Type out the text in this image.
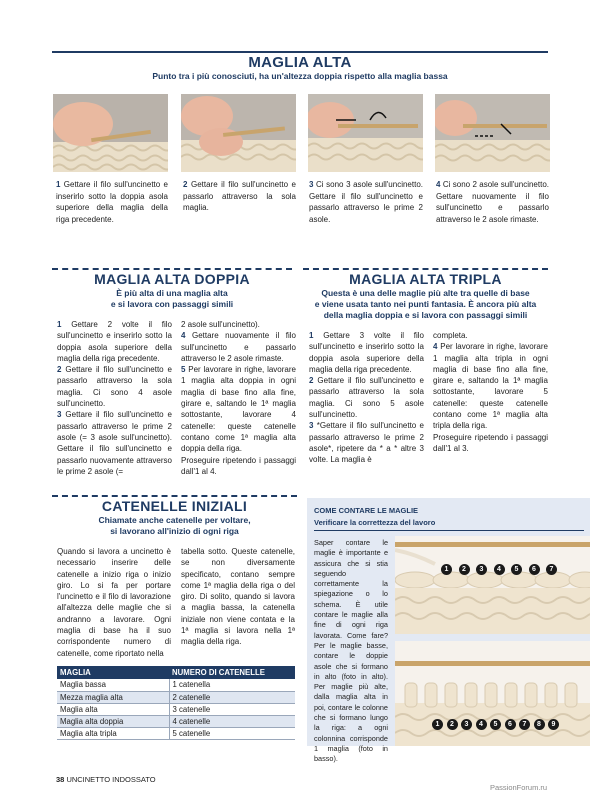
MAGLIA ALTA
Punto tra i più conosciuti, ha un'altezza doppia rispetto alla maglia bassa
1 Gettare il filo sull'uncinetto e inserirlo sotto la doppia asola superiore della maglia della riga precedente.
2 Gettare il filo sull'uncinetto e passarlo attraverso la sola maglia.
3 Ci sono 3 asole sull'uncinetto. Gettare il filo sull'uncinetto e passarlo attraverso le prime 2 asole.
4 Ci sono 2 asole sull'uncinetto. Gettare nuovamente il filo sull'uncinetto e passarlo attraverso le 2 asole rimaste.
MAGLIA ALTA DOPPIA
È più alta di una maglia alta
e si lavora con passaggi simili

1 Gettare 2 volte il filo sull'uncinetto e inserirlo sotto la doppia asola superiore della maglia della riga precedente.

2 Gettare il filo sull'uncinetto e passarlo attraverso la sola maglia. Ci sono 4 asole sull'uncinetto.

3 Gettare il filo sull'uncinetto e passarlo attraverso le prime 2 asole (= 3 asole sull'uncinetto). Gettare il filo sull'uncinetto e passarlo nuovamente attraverso le prime 2 asole (=

2 asole sull'uncinetto).

4 Gettare nuovamente il filo sull'uncinetto e passarlo attraverso le 2 asole rimaste.

5 Per lavorare in righe, lavorare 1 maglia alta doppia in ogni maglia di base fino alla fine, girare e, saltando le 1ª maglia sottostante, lavorare 4 catenelle: queste catenelle contano come 1ª maglia alta doppia della riga.

Proseguire ripetendo i passaggi dall'1 al 4.

MAGLIA ALTA TRIPLA
Questa è una delle maglie più alte tra quelle di base
e viene usata tanto nei punti fantasia. È ancora più alta
della maglia doppia e si lavora con passaggi simili

1 Gettare 3 volte il filo sull'uncinetto e inserirlo sotto la doppia asola superiore della maglia della riga precedente.

2 Gettare il filo sull'uncinetto e passarlo attraverso la sola maglia. Ci sono 5 asole sull'uncinetto.

3 *Gettare il filo sull'uncinetto e passarlo attraverso le prime 2 asole*, ripetere da * a * altre 3 volte. La maglia è

completa.

4 Per lavorare in righe, lavorare 1 maglia alta tripla in ogni maglia di base fino alla fine, girare e, saltando la 1ª maglia sottostante, lavorare 5 catenelle: queste catenelle contano come 1ª maglia alta tripla della riga.

Proseguire ripetendo i passaggi dall'1 al 3.

CATENELLE INIZIALI
Chiamate anche catenelle per voltare,
si lavorano all'inizio di ogni riga

Quando si lavora a uncinetto è necessario inserire delle catenelle a inizio riga o inizio giro. Lo si fa per portare l'uncinetto e il filo di lavorazione all'altezza delle maglie che si andranno a lavorare. Ogni maglia di base ha il suo corrispondente numero di catenelle, come riportato nella

tabella sotto. Queste catenelle, se non diversamente specificato, contano sempre come 1ª maglia della riga o del giro. Di solito, quando si lavora a maglia bassa, la catenella iniziale non viene contata e la 1ª maglia si lavora nella 1ª maglia della riga.

MAGLIA	NUMERO DI CATENELLE
Maglia bassa	1 catenella
Mezza maglia alta	2 catenelle
Maglia alta	3 catenelle
Maglia alta doppia	4 catenelle
Maglia alta tripla	5 catenelle
COME CONTARE LE MAGLIE
Verificare la correttezza del lavoro
Saper contare le maglie è importante e assicura che si stia seguendo correttamente la spiegazione o lo schema. È utile contare le maglie alla fine di ogni riga lavorata. Come fare? Per le maglie basse, contare le doppie asole che si formano in alto (foto in alto). Per maglie più alte, dalla maglia alta in poi, contare le colonne che si formano lungo la riga: a ogni colonnina corrisponde 1 maglia (foto in basso).
1	2	3	4	5	6	7
1	2	3	4	5	6	7	8	9
38 UNCINETTO INDOSSATO
PassionForum.ru
